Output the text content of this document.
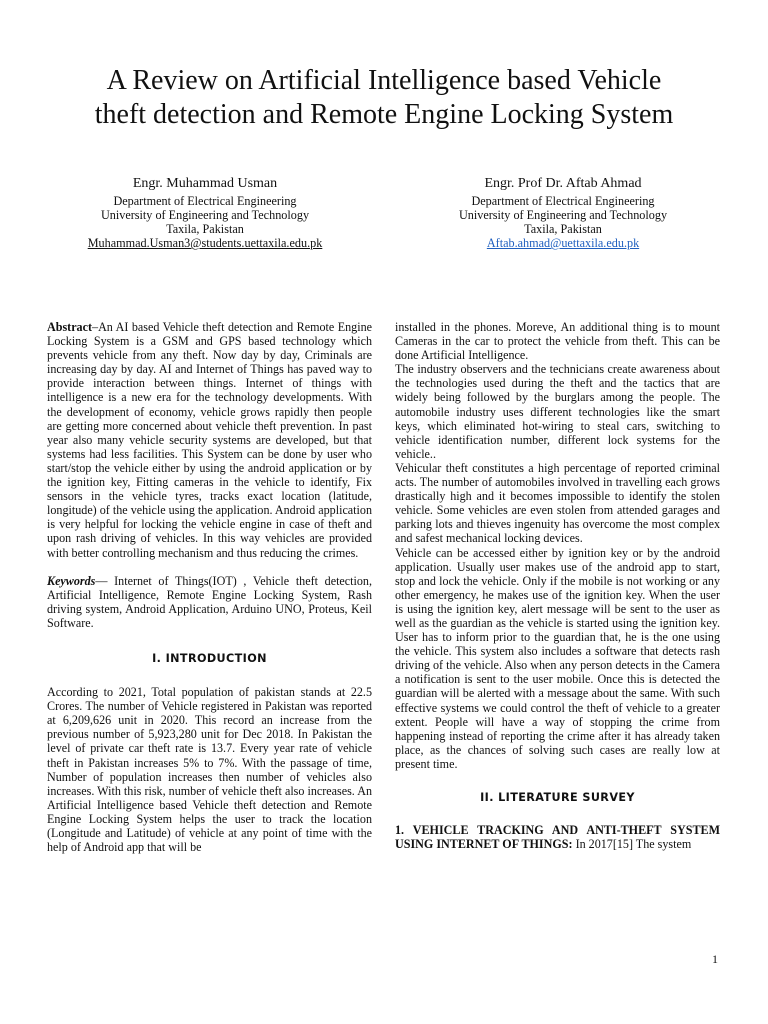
A Review on Artificial Intelligence based Vehicle
theft detection and Remote Engine Locking System
Engr. Muhammad Usman
Department of Electrical Engineering
University of Engineering and Technology
Taxila, Pakistan
Muhammad.Usman3@students.uettaxila.edu.pk
Engr. Prof Dr. Aftab Ahmad
Department of Electrical Engineering
University of Engineering and Technology
Taxila, Pakistan
Aftab.ahmad@uettaxila.edu.pk

Abstract–An AI based Vehicle theft detection and Remote Engine Locking System is a GSM and GPS based technology which prevents vehicle from any theft. Now day by day, Criminals are increasing day by day. AI and Internet of Things has paved way to provide interaction between things. Internet of things with intelligence is a new era for the technology developments. With the development of economy, vehicle grows rapidly then people are getting more concerned about vehicle theft prevention. In past year also many vehicle security systems are developed, but that systems had less facilities. This System can be done by user who start/stop the vehicle either by using the android application or by the ignition key, Fitting cameras in the vehicle to identify, Fix sensors in the vehicle tyres, tracks exact location (latitude, longitude) of the vehicle using the application. Android application is very helpful for locking the vehicle engine in case of theft and upon rash driving of vehicles. In this way vehicles are provided with better controlling mechanism and thus reducing the crimes.

Keywords— Internet of Things(IOT) , Vehicle theft detection, Artificial Intelligence, Remote Engine Locking System, Rash driving system, Android Application, Arduino UNO, Proteus, Keil Software.

I. INTRODUCTION

According to 2021, Total population of pakistan stands at 22.5 Crores. The number of Vehicle registered in Pakistan was reported at 6,209,626 unit in 2020. This record an increase from the previous number of 5,923,280 unit for Dec 2018. In Pakistan the level of private car theft rate is 13.7. Every year rate of vehicle theft in Pakistan increases 5% to 7%. With the passage of time, Number of population increases then number of vehicles also increases. With this risk, number of vehicle theft also increases. An Artificial Intelligence based Vehicle theft detection and Remote Engine Locking System helps the user to track the location (Longitude and Latitude) of vehicle at any point of time with the help of Android app that will be

installed in the phones. Moreve, An additional thing is to mount Cameras in the car to protect the vehicle from theft. This can be done Artificial Intelligence.

The industry observers and the technicians create awareness about the technologies used during the theft and the tactics that are widely being followed by the burglars among the people. The automobile industry uses different technologies like the smart keys, which eliminated hot-wiring to steal cars, switching to vehicle identification number, different lock systems for the vehicle..

Vehicular theft constitutes a high percentage of reported criminal acts. The number of automobiles involved in travelling each grows drastically high and it becomes impossible to identify the stolen vehicle. Some vehicles are even stolen from attended garages and parking lots and thieves ingenuity has overcome the most complex and safest mechanical locking devices.

Vehicle can be accessed either by ignition key or by the android application. Usually user makes use of the android app to start, stop and lock the vehicle. Only if the mobile is not working or any other emergency, he makes use of the ignition key. When the user is using the ignition key, alert message will be sent to the user as well as the guardian as the vehicle is started using the ignition key. User has to inform prior to the guardian that, he is the one using the vehicle. This system also includes a software that detects rash driving of the vehicle. Also when any person detects in the Camera a notification is sent to the user mobile. Once this is detected the guardian will be alerted with a message about the same. With such effective systems we could control the theft of vehicle to a greater extent. People will have a way of stopping the crime from happening instead of reporting the crime after it has already taken place, as the chances of solving such cases are really low at present time.

II. LITERATURE SURVEY

1. VEHICLE TRACKING AND ANTI-THEFT SYSTEM USING INTERNET OF THINGS: In 2017[15] The system

1
